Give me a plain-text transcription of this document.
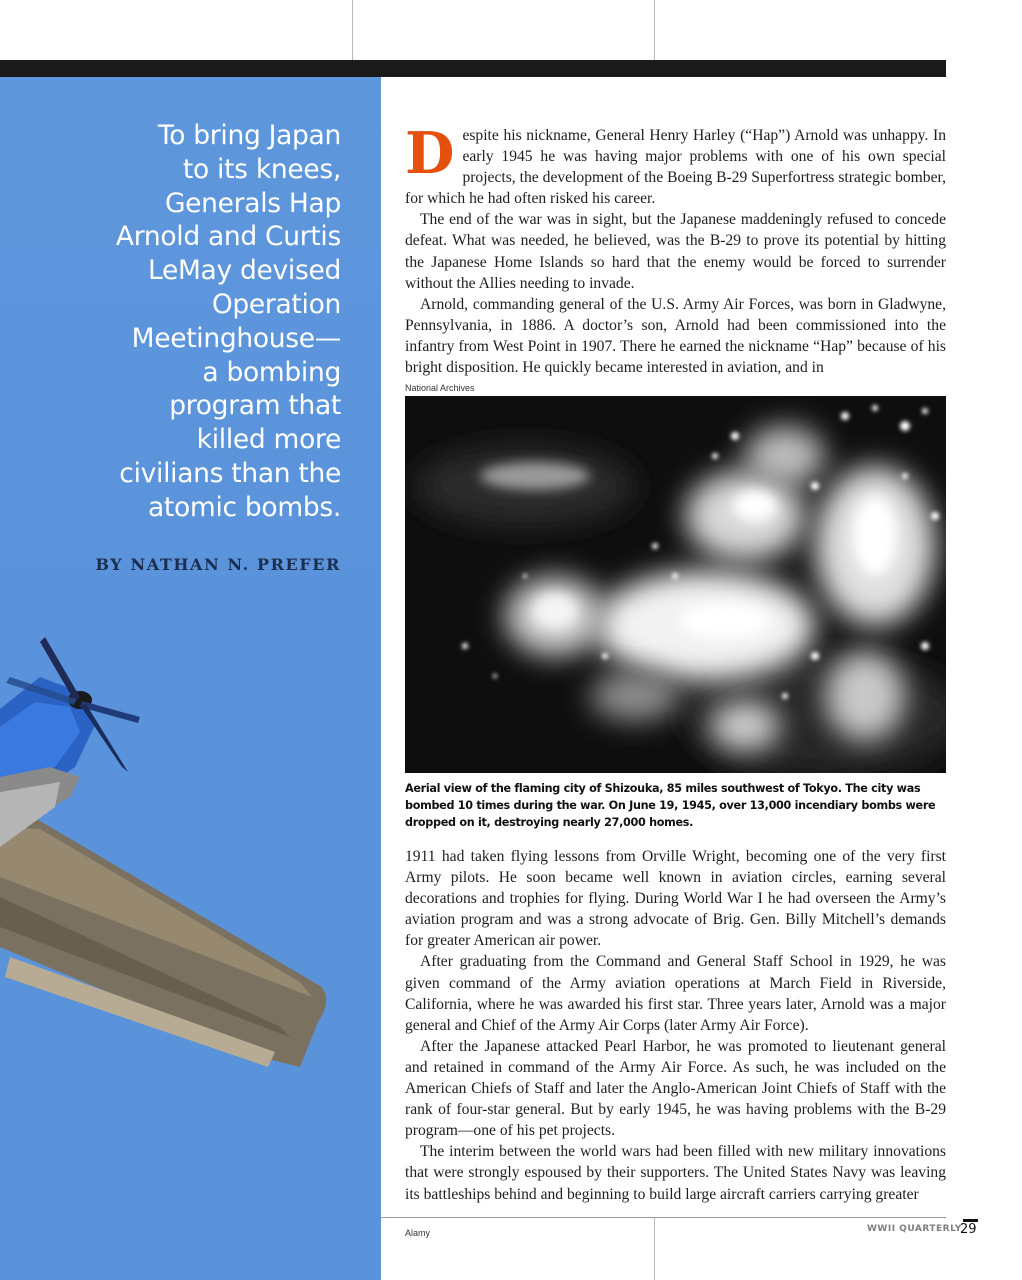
To bring Japan
to its knees,
Generals Hap
Arnold and Curtis
LeMay devised
Operation
Meetinghouse—
a bombing
program that
killed more
civilians than the
atomic bombs.
BY NATHAN N. PREFER

Despite his nickname, General Henry Harley (“Hap”) Arnold was unhappy. In early 1945 he was having major problems with one of his own special projects, the development of the Boeing B-29 Superfortress strategic bomber, for which he had often risked his career.

The end of the war was in sight, but the Japanese maddeningly refused to concede defeat. What was needed, he believed, was the B-29 to prove its potential by hitting the Japanese Home Islands so hard that the enemy would be forced to surrender without the Allies needing to invade.

Arnold, commanding general of the U.S. Army Air Forces, was born in Gladwyne, Pennsylvania, in 1886. A doctor’s son, Arnold had been commissioned into the infantry from West Point in 1907. There he earned the nickname “Hap” because of his bright disposition. He quickly became interested in aviation, and in

National Archives
Aerial view of the flaming city of Shizouka, 85 miles southwest of Tokyo. The city was bombed 10 times during the war. On June 19, 1945, over 13,000 incendiary bombs were dropped on it, destroying nearly 27,000 homes.

1911 had taken flying lessons from Orville Wright, becoming one of the very first Army pilots. He soon became well known in aviation circles, earning several decorations and trophies for flying. During World War I he had overseen the Army’s aviation program and was a strong advocate of Brig. Gen. Billy Mitchell’s demands for greater American air power.

After graduating from the Command and General Staff School in 1929, he was given command of the Army aviation operations at March Field in Riverside, California, where he was awarded his first star. Three years later, Arnold was a major general and Chief of the Army Air Corps (later Army Air Force).

After the Japanese attacked Pearl Harbor, he was promoted to lieutenant general and retained in command of the Army Air Force. As such, he was included on the American Chiefs of Staff and later the Anglo-American Joint Chiefs of Staff with the rank of four-star general. But by early 1945, he was having problems with the B-29 program—one of his pet projects.

The interim between the world wars had been filled with new military innovations that were strongly espoused by their supporters. The United States Navy was leaving its battleships behind and beginning to build large aircraft carriers carrying greater

Alamy	WWII QUARTERLY
29
